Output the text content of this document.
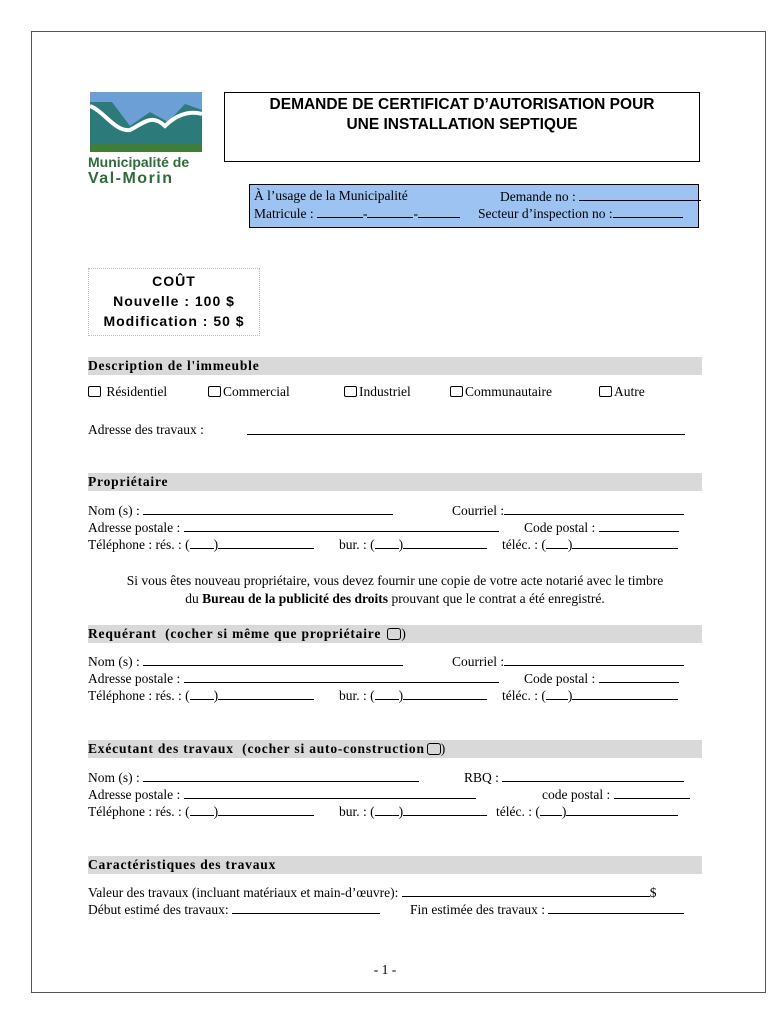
Municipalité de
Val-Morin
DEMANDE DE CERTIFICAT D’AUTORISATION POUR
UNE INSTALLATION SEPTIQUE
À l’usage de la Municipalité	Demande no :
Matricule :	-	-	Secteur d’inspection no :
COÛT
Nouvelle : 100 $
Modification : 50 $
Description de l'immeuble
Résidentiel	Commercial	Industriel	Communautaire	Autre
Adresse des travaux :
Propriétaire
Nom (s) :	Courriel :
Adresse postale :	Code postal :
Téléphone : rés. : ( )	bur. : ( )	téléc. : ( )
Si vous êtes nouveau propriétaire, vous devez fournir une copie de votre acte notarié avec le timbre
du Bureau de la publicité des droits prouvant que le contrat a été enregistré.
Requérant (cocher si même que propriétaire )
Nom (s) :	Courriel :
Adresse postale :	Code postal :
Téléphone : rés. : ( )	bur. : ( )	téléc. : ( )
Exécutant des travaux (cocher si auto-construction )
Nom (s) :	RBQ :
Adresse postale :	code postal :
Téléphone : rés. : ( )	bur. : ( )	téléc. : ( )
Caractéristiques des travaux
Valeur des travaux (incluant matériaux et main-d’œuvre):	$
Début estimé des travaux:	Fin estimée des travaux :
- 1 -
